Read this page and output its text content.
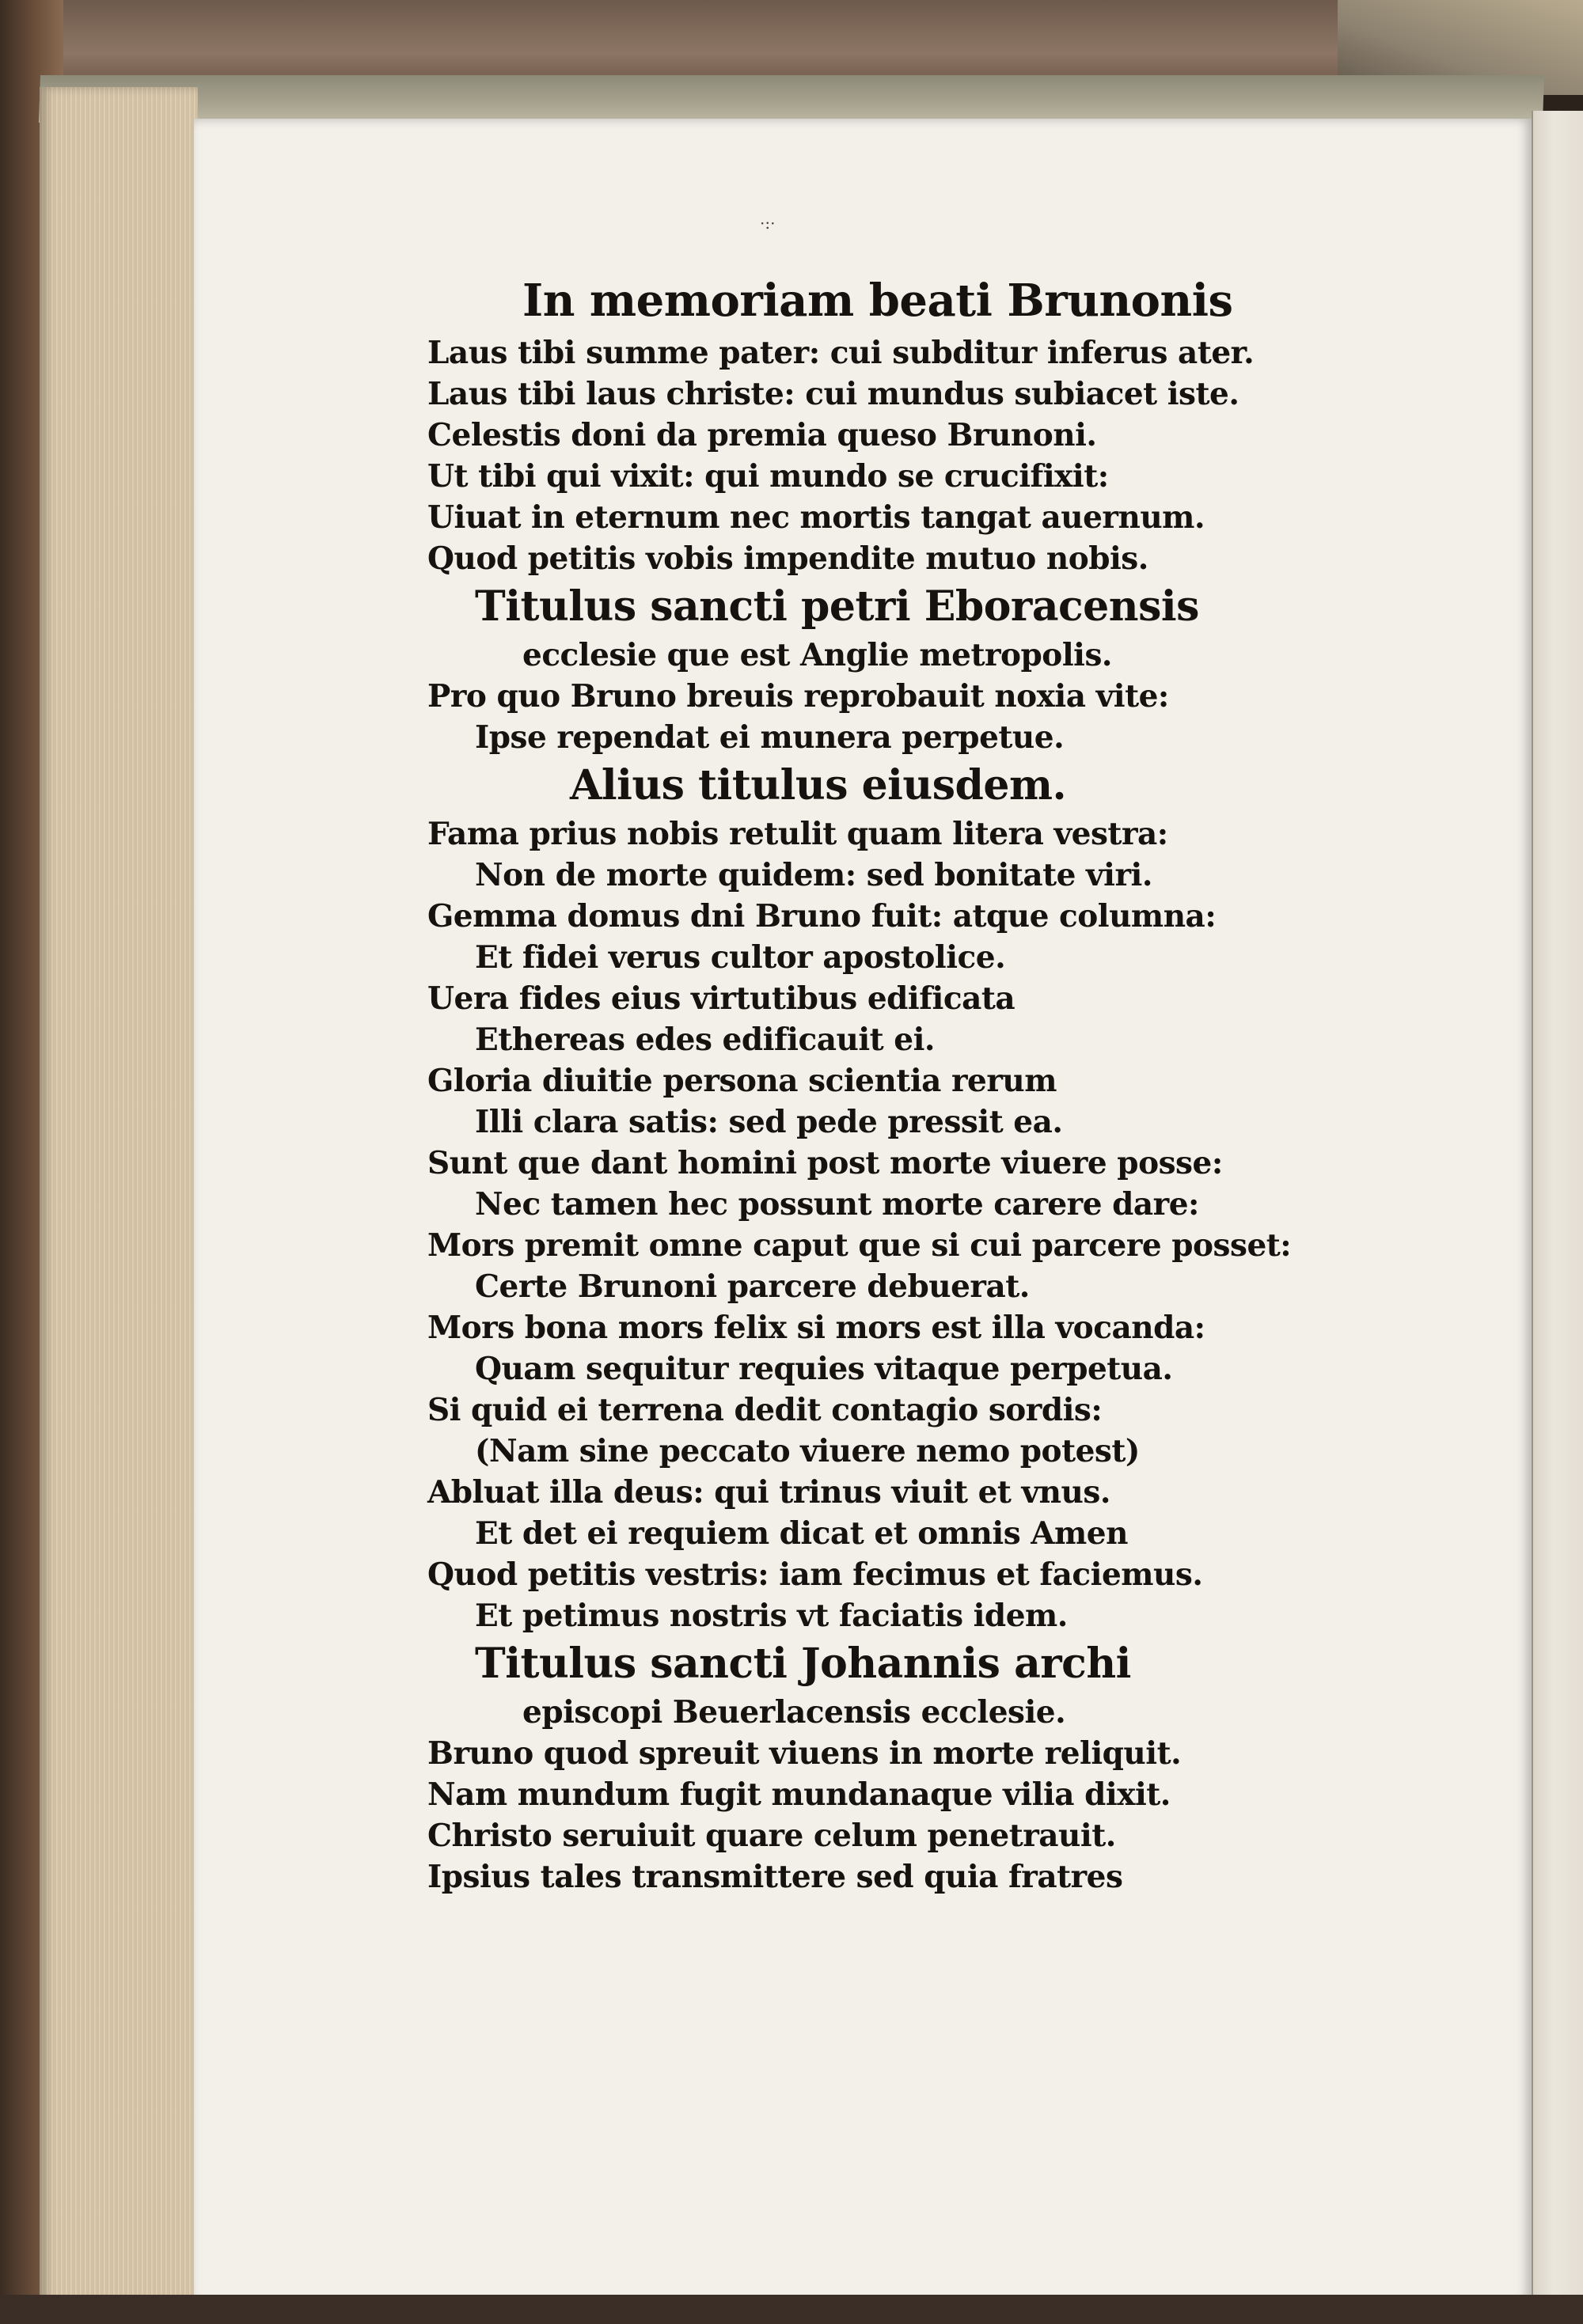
·:·
In memoriam beati Brunonis
Laus tibi summe pater: cui subditur inferus ater.
Laus tibi laus christe: cui mundus subiacet iste.
Celestis doni da premia queso Brunoni.
Ut tibi qui vixit: qui mundo se crucifixit:
Uiuat in eternum nec mortis tangat auernum.
Quod petitis vobis impendite mutuo nobis.
Titulus sancti petri Eboracensis
ecclesie que est Anglie metropolis.
Pro quo Bruno breuis reprobauit noxia vite:
Ipse rependat ei munera perpetue.
Alius titulus eiusdem.
Fama prius nobis retulit quam litera vestra:
Non de morte quidem: sed bonitate viri.
Gemma domus dni Bruno fuit: atque columna:
Et fidei verus cultor apostolice.
Uera fides eius virtutibus edificata
Ethereas edes edificauit ei.
Gloria diuitie persona scientia rerum
Illi clara satis: sed pede pressit ea.
Sunt que dant homini post morte viuere posse:
Nec tamen hec possunt morte carere dare:
Mors premit omne caput que si cui parcere posset:
Certe Brunoni parcere debuerat.
Mors bona mors felix si mors est illa vocanda:
Quam sequitur requies vitaque perpetua.
Si quid ei terrena dedit contagio sordis:
(Nam sine peccato viuere nemo potest)
Abluat illa deus: qui trinus viuit et vnus.
Et det ei requiem dicat et omnis Amen
Quod petitis vestris: iam fecimus et faciemus.
Et petimus nostris vt faciatis idem.
Titulus sancti Johannis archi
episcopi Beuerlacensis ecclesie.
Bruno quod spreuit viuens in morte reliquit.
Nam mundum fugit mundanaque vilia dixit.
Christo seruiuit quare celum penetrauit.
Ipsius tales transmittere sed quia fratres
